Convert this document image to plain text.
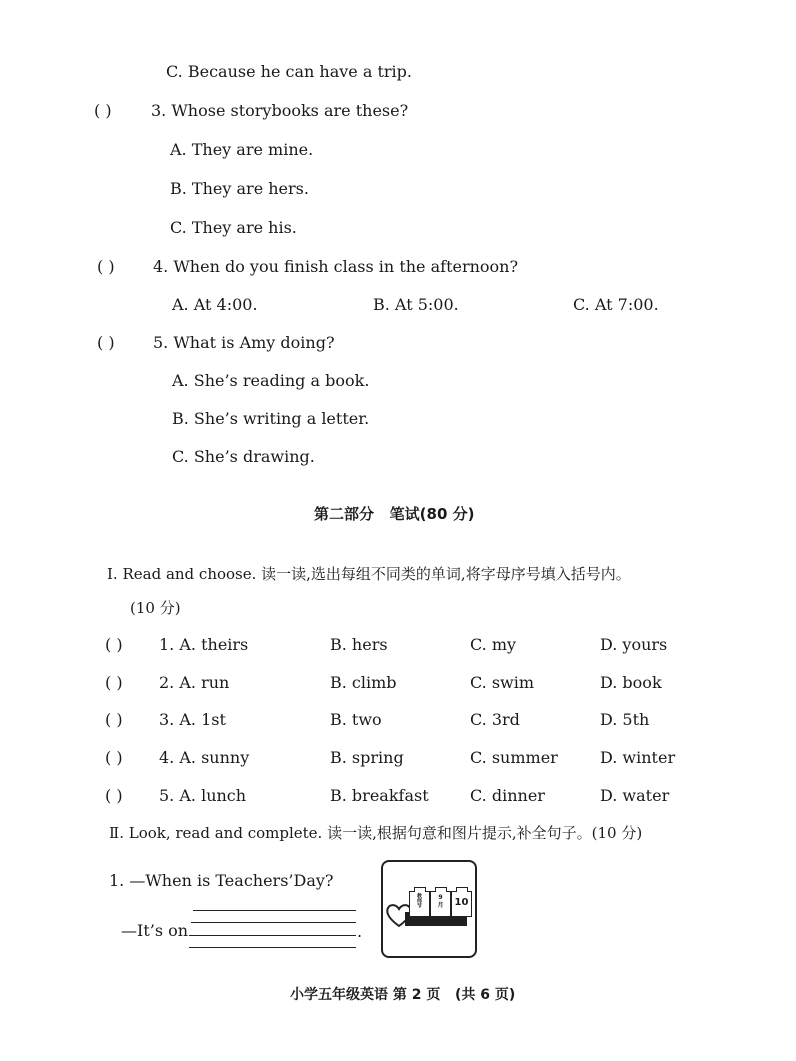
C. Because he can have a trip.
( ) 3. Whose storybooks are these?
A. They are mine.
B. They are hers.
C. They are his.
( ) 4. When do you finish class in the afternoon?
A. At 4:00.	B. At 5:00.	C. At 7:00.
( ) 5. What is Amy doing?
A. She’s reading a book.
B. She’s writing a letter.
C. She’s drawing.
第二部分   笔试(80 分)
Ⅰ. Read and choose. 读一读,选出每组不同类的单词,将字母序号填入括号内。
(10 分)
( ) 1. A. theirs	B. hers	C. my	D. yours
( ) 2. A. run	B. climb	C. swim	D. book
( ) 3. A. 1st	B. two	C. 3rd	D. 5th
( ) 4. A. sunny	B. spring	C. summer	D. winter
( ) 5. A. lunch	B. breakfast	C. dinner	D. water
Ⅱ. Look, read and complete. 读一读,根据句意和图片提示,补全句子。(10 分)
1. —When is Teachers’Day?
—It’s on	.
教师节	9
月	10
小学五年级英语 第 2 页   (共 6 页)
